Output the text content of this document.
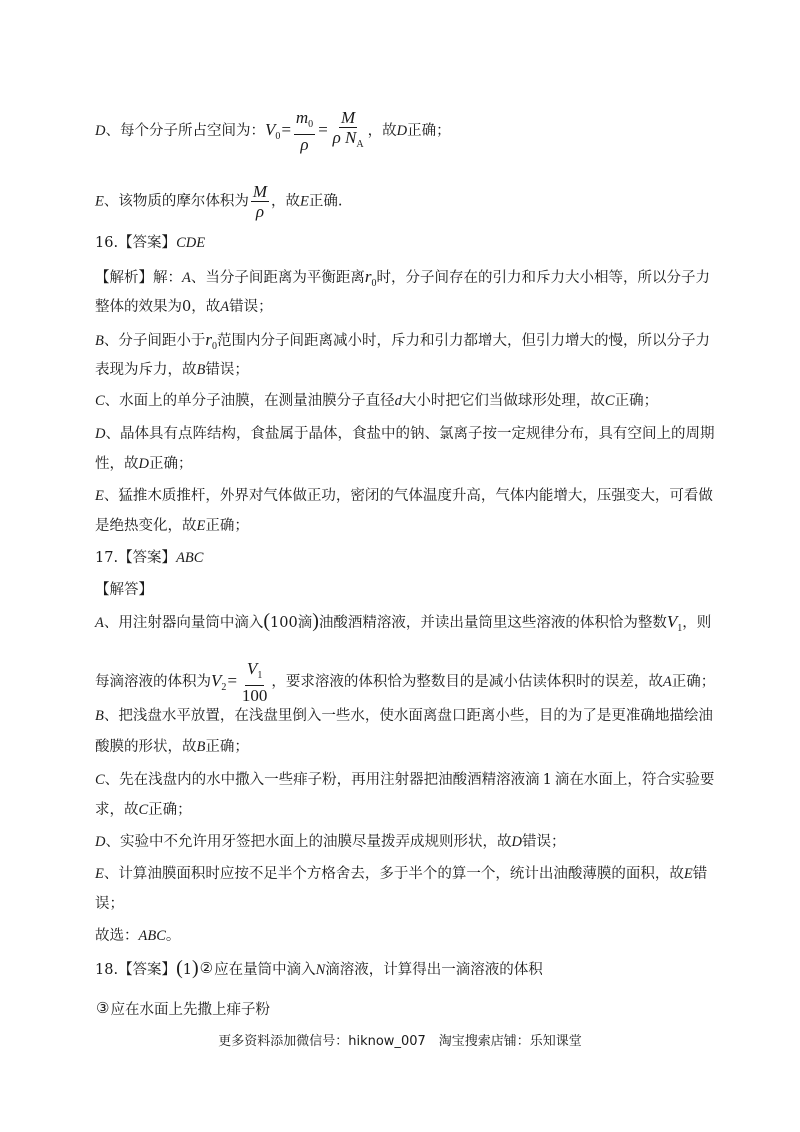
D、每个分子所占空间为：$V_0= \frac{m_0}{\rho} = \frac{M}{\rho N_A}$ ，故D正确；
E、该物质的摩尔体积为 $\frac{M}{\rho}$ ，故E正确.
16.【答案】CDE
【解析】解：A、当分子间距离为平衡距离$r_0$时，分子间存在的引力和斥力大小相等，所以分子力
整体的效果为0，故A错误；
B、分子间距小于$r_0$范围内分子间距离减小时，斥力和引力都增大，但引力增大的慢，所以分子力
表现为斥力，故B错误；
C、水面上的单分子油膜，在测量油膜分子直径d大小时把它们当做球形处理，故C正确；
D、晶体具有点阵结构，食盐属于晶体，食盐中的钠、氯离子按一定规律分布，具有空间上的周期
性，故D正确；
E、猛推木质推杆，外界对气体做正功，密闭的气体温度升高，气体内能增大，压强变大，可看做
是绝热变化，故E正确；
17.【答案】ABC
【解答】
A、用注射器向量筒中滴入(100滴)油酸酒精溶液，并读出量筒里这些溶液的体积恰为整数$V_1$，则
每滴溶液的体积为$V_2= \frac{V_1}{100}$ ，要求溶液的体积恰为整数目的是减小估读体积时的误差，故A正确；
B、把浅盘水平放置，在浅盘里倒入一些水，使水面离盘口距离小些，目的为了是更准确地描绘油
酸膜的形状，故B正确；
C、先在浅盘内的水中撒入一些痱子粉，再用注射器把油酸酒精溶液滴 1 滴在水面上，符合实验要
求，故C正确；
D、实验中不允许用牙签把水面上的油膜尽量拨弄成规则形状，故D错误；
E、计算油膜面积时应按不足半个方格舍去，多于半个的算一个，统计出油酸薄膜的面积，故E错
误；
故选：ABC。
18.【答案】(1)②应在量筒中滴入N滴溶液，计算得出一滴溶液的体积
③应在水面上先撒上痱子粉
更多资料添加微信号：hiknow_007　淘宝搜索店铺：乐知课堂
